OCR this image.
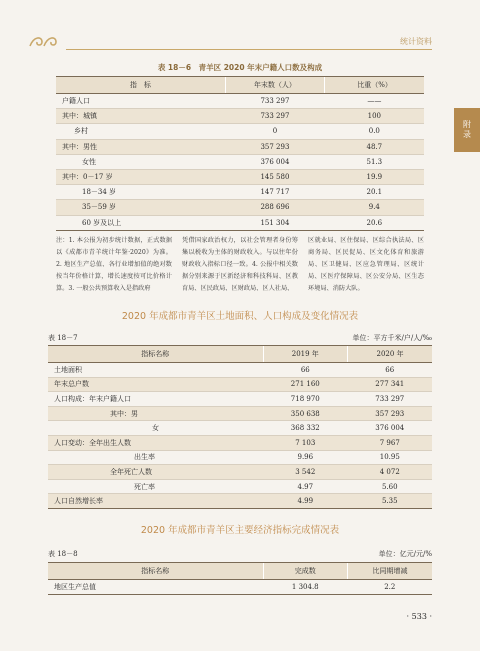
统计资料
附录
表 18－6　青羊区 2020 年末户籍人口数及构成
指　标	年末数（人）	比重（%）
户籍人口	733 297	——
其中：城镇	733 297	100
乡村	0	0.0
其中：男性	357 293	48.7
女性	376 004	51.3
其中：0－17 岁	145 580	19.9
18－34 岁	147 717	20.1
35－59 岁	288 696	9.4
60 岁及以上	151 304	20.6
注：1. 本公报为初步统计数据，正式数据以《成都市青羊统计年鉴·2020》为准。2. 地区生产总值、各行业增加值的绝对数按当年价格计算，增长速度按可比价格计算。3. 一般公共预算收入是指政府
凭借国家政治权力，以社会管理者身份筹集以税收为主体的财政收入。与以往年份财政收入指标口径一致。4. 公报中相关数据分别来源于区新经济和科技科局、区教育局、区民政局、区财政局、区人社局、
区就业局、区住保局、区综合执法局、区商务局、区民促局、区文化体育和旅游局、区卫健局、区应急管理局、区统计局、区医疗保障局、区公安分局、区生态环境局、消防大队。
2020 年成都市青羊区土地面积、人口构成及变化情况表
表 18－7	单位：平方千米/户/人/‰
指标名称	2019 年	2020 年
土地面积	66	66
年末总户数	271 160	277 341
人口构成：年末户籍人口	718 970	733 297
其中：男	350 638	357 293
女	368 332	376 004
人口变动：全年出生人数	7 103	7 967
出生率	9.96	10.95
全年死亡人数	3 542	4 072
死亡率	4.97	5.60
人口自然增长率	4.99	5.35
2020 年成都市青羊区主要经济指标完成情况表
表 18－8	单位：亿元/元/%
指标名称	完成数	比同期增减
地区生产总值	1 304.8	2.2
· 533 ·
